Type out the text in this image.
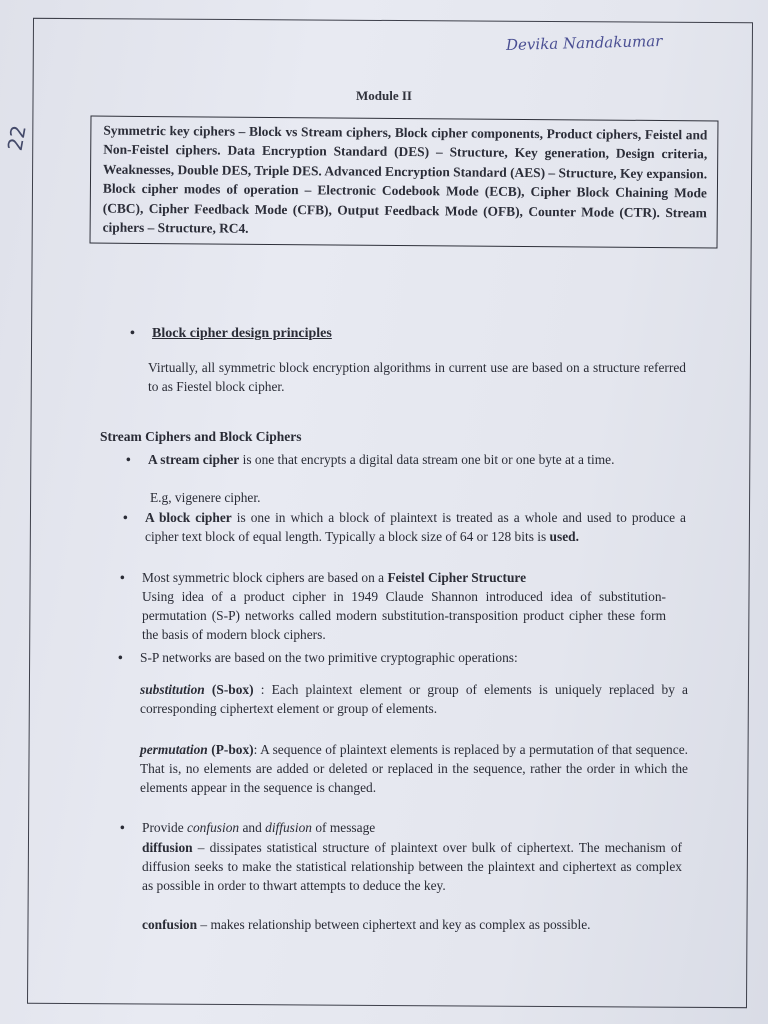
Devika Nandakumar
22
Module II
Symmetric key ciphers – Block vs Stream ciphers, Block cipher components, Product ciphers, Feistel and Non-Feistel ciphers. Data Encryption Standard (DES) – Structure, Key generation, Design criteria, Weaknesses, Double DES, Triple DES. Advanced Encryption Standard (AES) – Structure, Key expansion. Block cipher modes of operation – Electronic Codebook Mode (ECB), Cipher Block Chaining Mode (CBC), Cipher Feedback Mode (CFB), Output Feedback Mode (OFB), Counter Mode (CTR). Stream ciphers – Structure, RC4.
• Block cipher design principles
Virtually, all symmetric block encryption algorithms in current use are based on a structure referred to as Fiestel block cipher.
Stream Ciphers and Block Ciphers
• A stream cipher is one that encrypts a digital data stream one bit or one byte at a time.
E.g, vigenere cipher.
• A block cipher is one in which a block of plaintext is treated as a whole and used to produce a cipher text block of equal length. Typically a block size of 64 or 128 bits is used.
• Most symmetric block ciphers are based on a Feistel Cipher Structure
Using idea of a product cipher in 1949 Claude Shannon introduced idea of substitution-permutation (S-P) networks called modern substitution-transposition product cipher these form the basis of modern block ciphers.
• S-P networks are based on the two primitive cryptographic operations:
substitution (S-box) : Each plaintext element or group of elements is uniquely replaced by a corresponding ciphertext element or group of elements.
permutation (P-box): A sequence of plaintext elements is replaced by a permutation of that sequence. That is, no elements are added or deleted or replaced in the sequence, rather the order in which the elements appear in the sequence is changed.
• Provide confusion and diffusion of message
diffusion – dissipates statistical structure of plaintext over bulk of ciphertext. The mechanism of diffusion seeks to make the statistical relationship between the plaintext and ciphertext as complex as possible in order to thwart attempts to deduce the key.
confusion – makes relationship between ciphertext and key as complex as possible.
